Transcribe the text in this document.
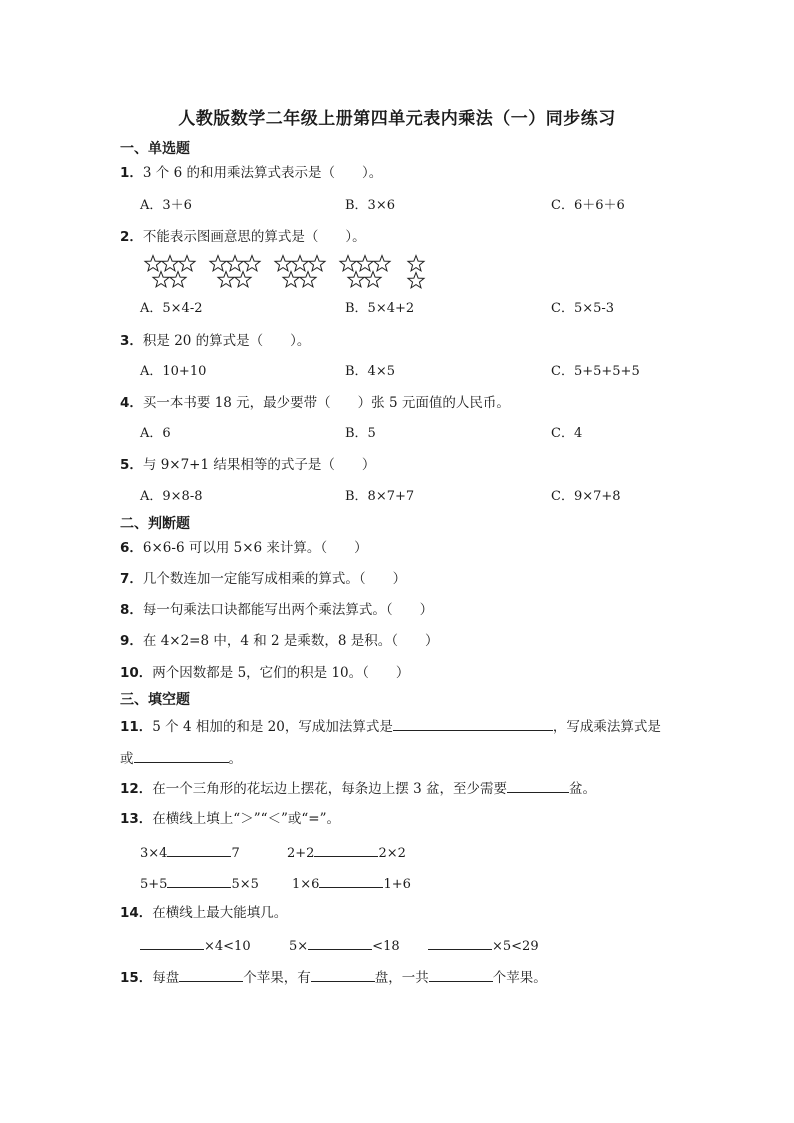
人教版数学二年级上册第四单元表内乘法（一）同步练习
一、单选题
1．3 个 6 的和用乘法算式表示是（　　）。
A．3＋6	B．3×6	C．6＋6＋6
2．不能表示图画意思的算式是（　　）。
A．5×4-2	B．5×4+2	C．5×5-3
3．积是 20 的算式是（　　）。
A．10+10	B．4×5	C．5+5+5+5
4．买一本书要 18 元，最少要带（　　）张 5 元面值的人民币。
A．6	B．5	C．4
5．与 9×7+1 结果相等的式子是（　　）
A．9×8-8	B．8×7+7	C．9×7+8
二、判断题
6．6×6-6 可以用 5×6 来计算。（　　）
7．几个数连加一定能写成相乘的算式。（　　）
8．每一句乘法口诀都能写出两个乘法算式。（　　）
9．在 4×2=8 中，4 和 2 是乘数，8 是积。（　　）
10．两个因数都是 5，它们的积是 10。（　　）
三、填空题
11．5 个 4 相加的和是 20，写成加法算式是	，写成乘法算式是
或	。
12．在一个三角形的花坛边上摆花，每条边上摆 3 盆，至少需要	盆。
13．在横线上填上“＞”“＜”或“=”。
3×4	7	2+2	2×2
5+5	5×5	1×6	1+6
14．在横线上最大能填几。
×4<10	5×	<18	×5<29
15．每盘	个苹果，有	盘，一共	个苹果。
